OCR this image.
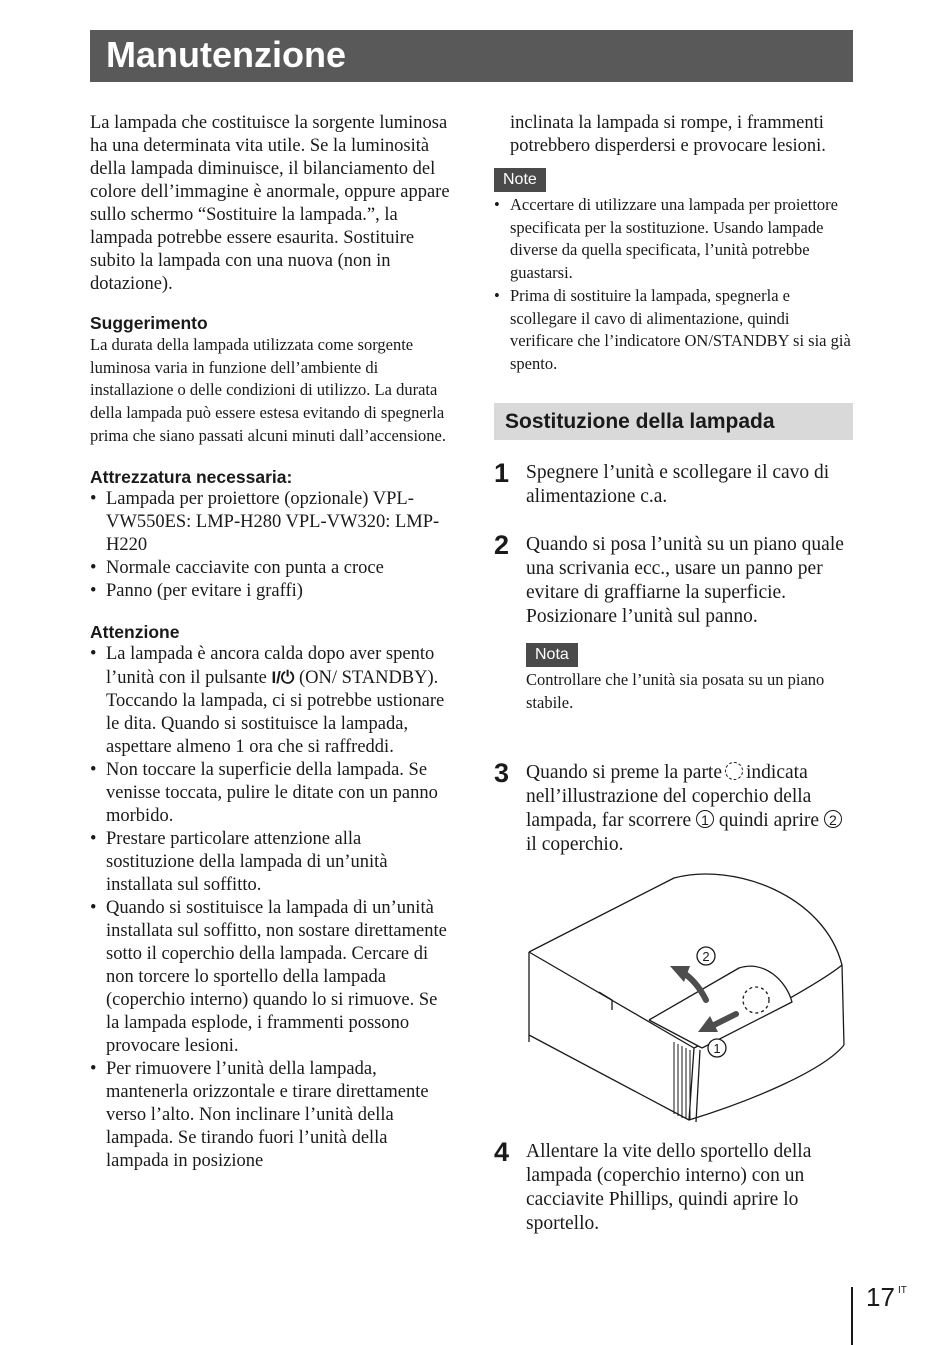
Manutenzione

La lampada che costituisce la sorgente luminosa ha una determinata vita utile. Se la luminosità della lampada diminuisce, il bilanciamento del colore dell’immagine è anormale, oppure appare sullo schermo “Sostituire la lampada.”, la lampada potrebbe essere esaurita. Sostituire subito la lampada con una nuova (non in dotazione).

Suggerimento

La durata della lampada utilizzata come sorgente luminosa varia in funzione dell’ambiente di installazione o delle condizioni di utilizzo. La durata della lampada può essere estesa evitando di spegnerla prima che siano passati alcuni minuti dall’accensione.

Attrezzatura necessaria:

• Lampada per proiettore (opzionale) VPL-VW550ES: LMP-H280 VPL-VW320: LMP-H220
• Normale cacciavite con punta a croce
• Panno (per evitare i graffi)

Attenzione

• La lampada è ancora calda dopo aver spento l’unità con il pulsante I/⏻ (ON/ STANDBY). Toccando la lampada, ci si potrebbe ustionare le dita. Quando si sostituisce la lampada, aspettare almeno 1 ora che si raffreddi.
• Non toccare la superficie della lampada. Se venisse toccata, pulire le ditate con un panno morbido.
• Prestare particolare attenzione alla sostituzione della lampada di un’unità installata sul soffitto.
• Quando si sostituisce la lampada di un’unità installata sul soffitto, non sostare direttamente sotto il coperchio della lampada. Cercare di non torcere lo sportello della lampada (coperchio interno) quando lo si rimuove. Se la lampada esplode, i frammenti possono provocare lesioni.
• Per rimuovere l’unità della lampada, mantenerla orizzontale e tirare direttamente verso l’alto. Non inclinare l’unità della lampada. Se tirando fuori l’unità della lampada in posizione

inclinata la lampada si rompe, i frammenti potrebbero disperdersi e provocare lesioni.

Note
• Accertare di utilizzare una lampada per proiettore specificata per la sostituzione. Usando lampade diverse da quella specificata, l’unità potrebbe guastarsi.
• Prima di sostituire la lampada, spegnerla e scollegare il cavo di alimentazione, quindi verificare che l’indicatore ON/STANDBY si sia già spento.
Sostituzione della lampada
1 Spegnere l’unità e scollegare il cavo di alimentazione c.a.
2 Quando si posa l’unità su un piano quale una scrivania ecc., usare un panno per evitare di graffiarne la superficie. Posizionare l’unità sul panno.
Nota

Controllare che l’unità sia posata su un piano stabile.

3 Quando si preme la parte indicata nell’illustrazione del coperchio della lampada, far scorrere 1 quindi aprire 2 il coperchio.
2
1
4 Allentare la vite dello sportello della lampada (coperchio interno) con un cacciavite Phillips, quindi aprire lo sportello.
17 IT
